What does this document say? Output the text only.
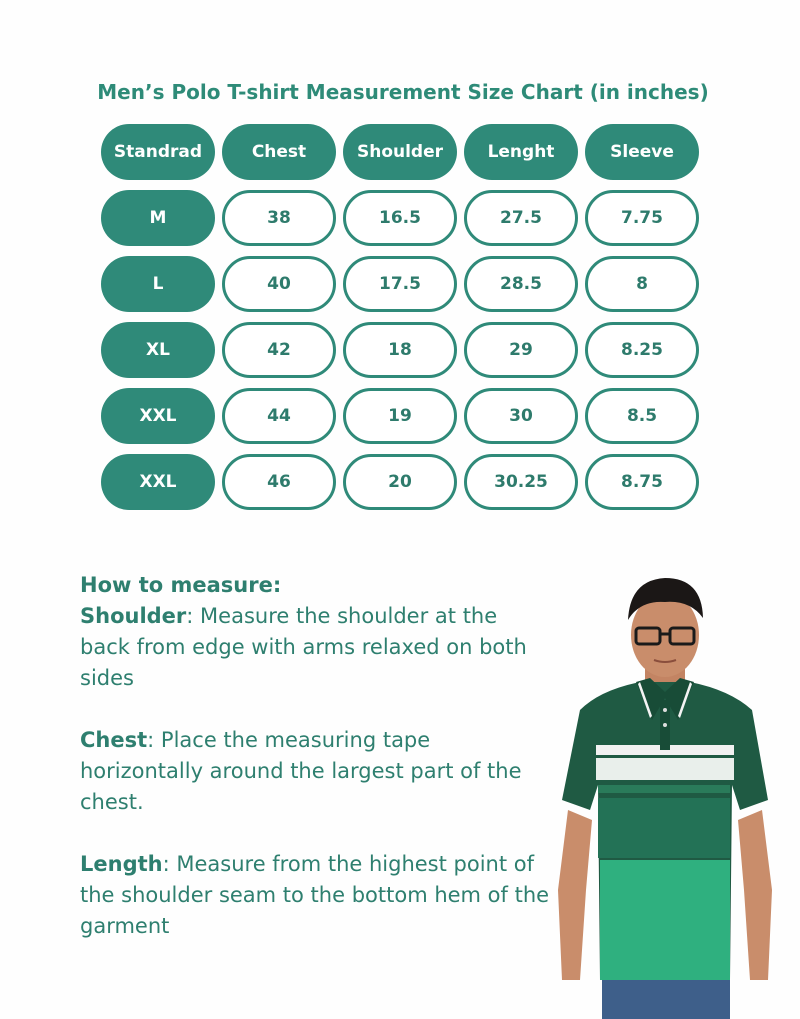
Men’s Polo T-shirt Measurement Size Chart (in inches)
Standrad	Chest	Shoulder	Lenght	Sleeve
M	38	16.5	27.5	7.75
L	40	17.5	28.5	8
XL	42	18	29	8.25
XXL	44	19	30	8.5
XXL	46	20	30.25	8.75
How to measure:

Shoulder: Measure the shoulder at the back from edge with arms relaxed on both sides

Chest: Place the measuring tape horizontally around the largest part of the chest.

Length: Measure from the highest point of the shoulder seam to the bottom hem of the garment
